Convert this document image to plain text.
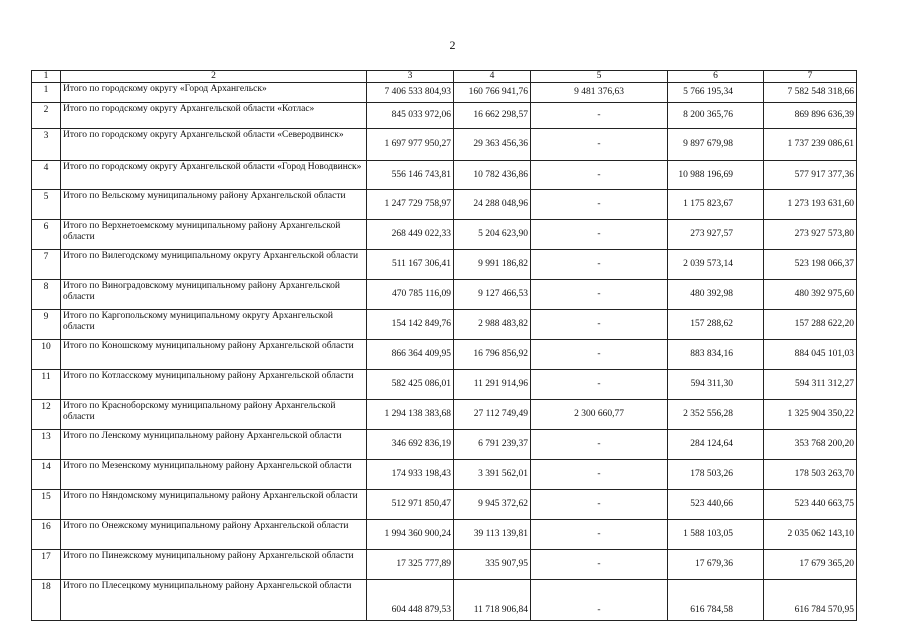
2
1	2	3	4	5	6	7
1	Итого по городскому округу «Город Архангельск»	7 406 533 804,93	160 766 941,76	9 481 376,63	5 766 195,34	7 582 548 318,66
2	Итого по городскому округу Архангельской области «Котлас»	845 033 972,06	16 662 298,57	-	8 200 365,76	869 896 636,39
3	Итого по городскому округу Архангельской области «Северодвинск»	1 697 977 950,27	29 363 456,36	-	9 897 679,98	1 737 239 086,61
4	Итого по городскому округу Архангельской области «Город Новодвинск»	556 146 743,81	10 782 436,86	-	10 988 196,69	577 917 377,36
5	Итого по Вельскому муниципальному району Архангельской области	1 247 729 758,97	24 288 048,96	-	1 175 823,67	1 273 193 631,60
6	Итого по Верхнетоемскому муниципальному району Архангельской области	268 449 022,33	5 204 623,90	-	273 927,57	273 927 573,80
7	Итого по Вилегодскому муниципальному округу Архангельской области	511 167 306,41	9 991 186,82	-	2 039 573,14	523 198 066,37
8	Итого по Виноградовскому муниципальному району Архангельской области	470 785 116,09	9 127 466,53	-	480 392,98	480 392 975,60
9	Итого по Каргопольскому муниципальному округу Архангельской области	154 142 849,76	2 988 483,82	-	157 288,62	157 288 622,20
10	Итого по Коношскому муниципальному району Архангельской области	866 364 409,95	16 796 856,92	-	883 834,16	884 045 101,03
11	Итого по Котласскому муниципальному району Архангельской области	582 425 086,01	11 291 914,96	-	594 311,30	594 311 312,27
12	Итого по Красноборскому муниципальному району Архангельской области	1 294 138 383,68	27 112 749,49	2 300 660,77	2 352 556,28	1 325 904 350,22
13	Итого по Ленскому муниципальному району Архангельской области	346 692 836,19	6 791 239,37	-	284 124,64	353 768 200,20
14	Итого по Мезенскому муниципальному району Архангельской области	174 933 198,43	3 391 562,01	-	178 503,26	178 503 263,70
15	Итого по Няндомскому муниципальному району Архангельской области	512 971 850,47	9 945 372,62	-	523 440,66	523 440 663,75
16	Итого по Онежскому муниципальному району Архангельской области	1 994 360 900,24	39 113 139,81	-	1 588 103,05	2 035 062 143,10
17	Итого по Пинежскому муниципальному району Архангельской области	17 325 777,89	335 907,95	-	17 679,36	17 679 365,20
18	Итого по Плесецкому муниципальному району Архангельской области	604 448 879,53	11 718 906,84	-	616 784,58	616 784 570,95
